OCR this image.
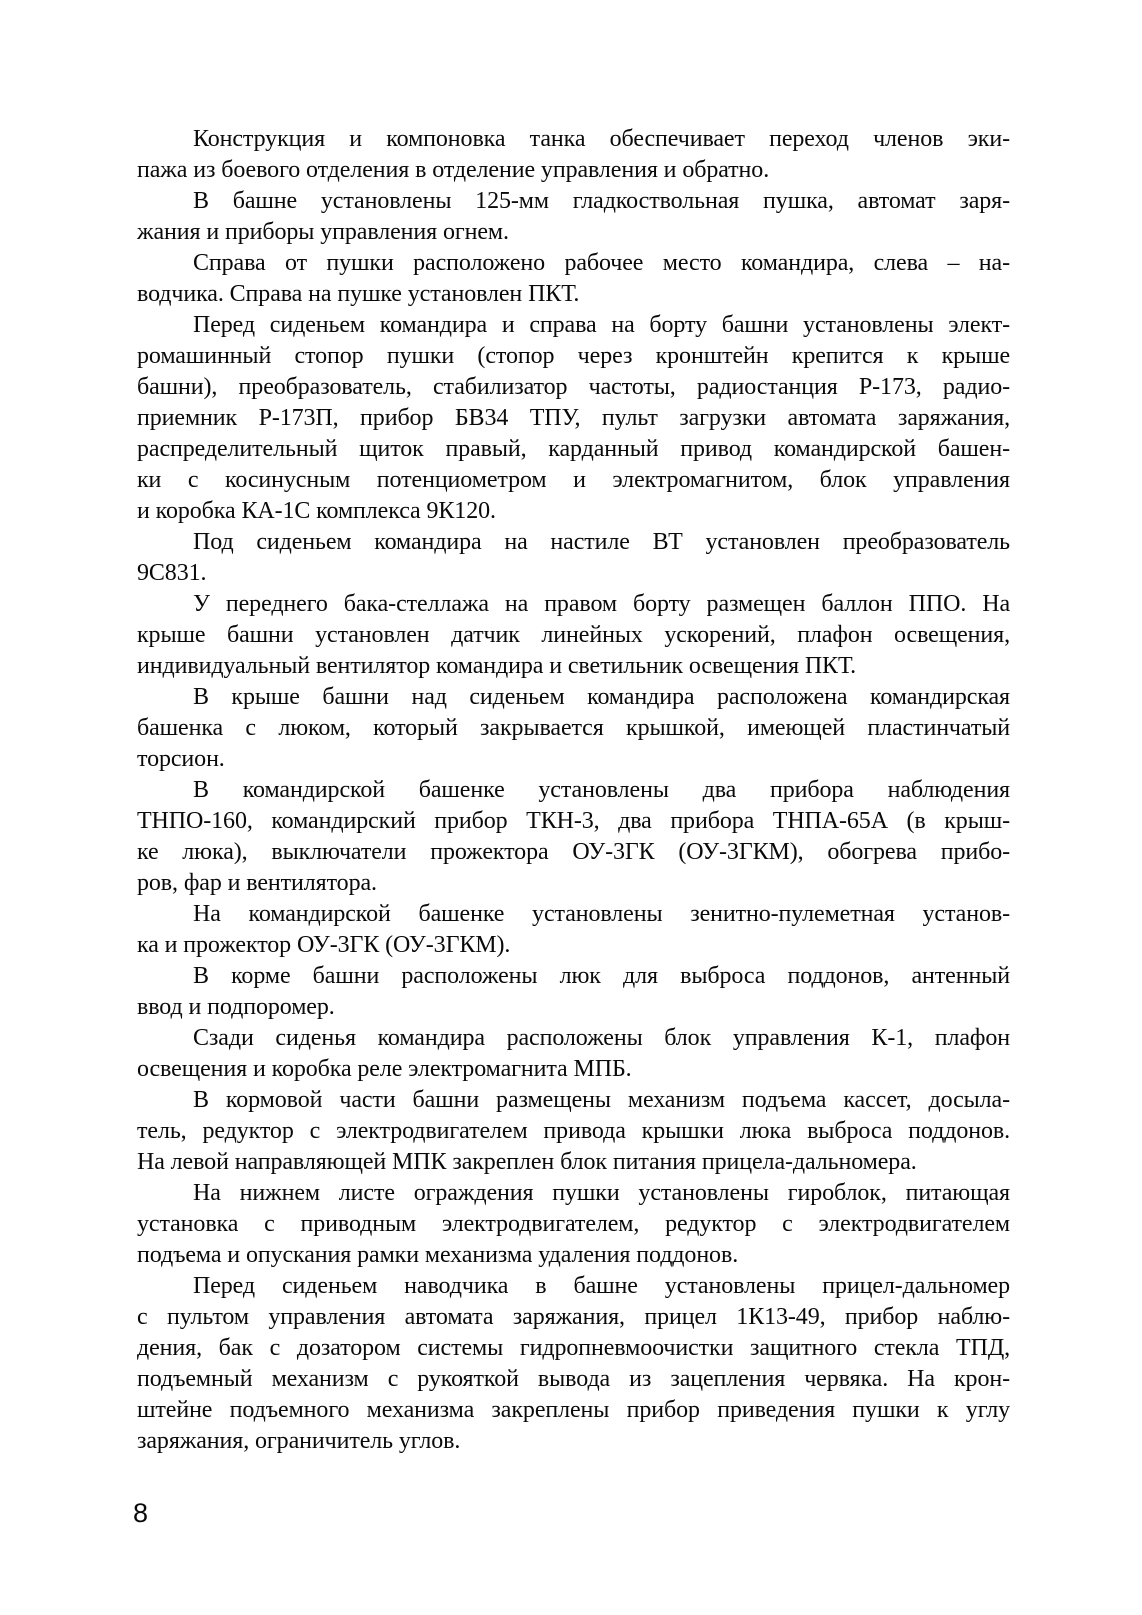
Конструкция и компоновка танка обеспечивает переход членов эки-
пажа из боевого отделения в отделение управления и обратно.
В башне установлены 125-мм гладкоствольная пушка, автомат заря-
жания и приборы управления огнем.
Справа от пушки расположено рабочее место командира, слева – на-
водчика. Справа на пушке установлен ПКТ.
Перед сиденьем командира и справа на борту башни установлены элект-
ромашинный стопор пушки (стопор через кронштейн крепится к крыше
башни), преобразователь, стабилизатор частоты, радиостанция Р-173, радио-
приемник Р-173П, прибор БВ34 ТПУ, пульт загрузки автомата заряжания,
распределительный щиток правый, карданный привод командирской башен-
ки с косинусным потенциометром и электромагнитом, блок управления
и коробка КА-1С комплекса 9К120.
Под сиденьем командира на настиле ВТ установлен преобразователь
9С831.
У переднего бака-стеллажа на правом борту размещен баллон ППО. На
крыше башни установлен датчик линейных ускорений, плафон освещения,
индивидуальный вентилятор командира и светильник освещения ПКТ.
В крыше башни над сиденьем командира расположена командирская
башенка с люком, который закрывается крышкой, имеющей пластинчатый
торсион.
В командирской башенке установлены два прибора наблюдения
ТНПО-160, командирский прибор ТКН-3, два прибора ТНПА-65А (в крыш-
ке люка), выключатели прожектора ОУ-3ГК (ОУ-3ГКМ), обогрева прибо-
ров, фар и вентилятора.
На командирской башенке установлены зенитно-пулеметная установ-
ка и прожектор ОУ-3ГК (ОУ-3ГКМ).
В корме башни расположены люк для выброса поддонов, антенный
ввод и подпоромер.
Сзади сиденья командира расположены блок управления К-1, плафон
освещения и коробка реле электромагнита МПБ.
В кормовой части башни размещены механизм подъема кассет, досыла-
тель, редуктор с электродвигателем привода крышки люка выброса поддонов.
На левой направляющей МПК закреплен блок питания прицела-дальномера.
На нижнем листе ограждения пушки установлены гироблок, питающая
установка с приводным электродвигателем, редуктор с электродвигателем
подъема и опускания рамки механизма удаления поддонов.
Перед сиденьем наводчика в башне установлены прицел-дальномер
с пультом управления автомата заряжания, прицел 1К13-49, прибор наблю-
дения, бак с дозатором системы гидропневмоочистки защитного стекла ТПД,
подъемный механизм с рукояткой вывода из зацепления червяка. На крон-
штейне подъемного механизма закреплены прибор приведения пушки к углу
заряжания, ограничитель углов.
8
